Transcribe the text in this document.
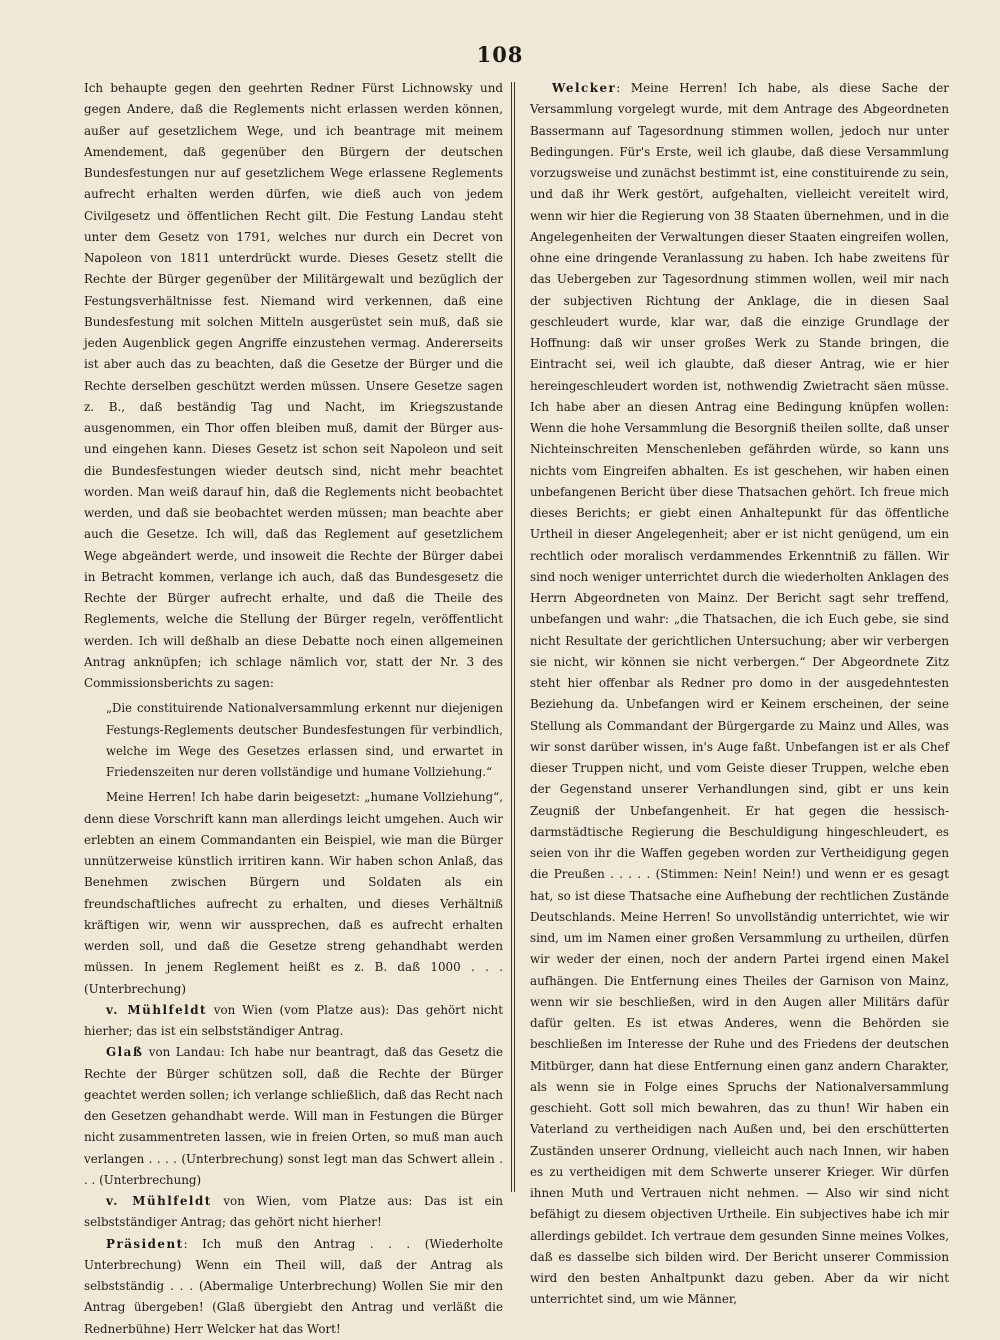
108

Ich behaupte gegen den geehrten Redner Fürst Lichnowsky und gegen Andere, daß die Reglements nicht erlassen werden können, außer auf gesetzlichem Wege, und ich beantrage mit meinem Amendement, daß gegenüber den Bürgern der deutschen Bundesfestungen nur auf gesetzlichem Wege erlassene Reglements aufrecht erhalten werden dürfen, wie dieß auch von jedem Civilgesetz und öffentlichen Recht gilt. Die Festung Landau steht unter dem Gesetz von 1791, welches nur durch ein Decret von Napoleon von 1811 unterdrückt wurde. Dieses Gesetz stellt die Rechte der Bürger gegenüber der Militärgewalt und bezüglich der Festungsverhältnisse fest. Niemand wird verkennen, daß eine Bundesfestung mit solchen Mitteln ausgerüstet sein muß, daß sie jeden Augenblick gegen Angriffe einzustehen vermag. Andererseits ist aber auch das zu beachten, daß die Gesetze der Bürger und die Rechte derselben geschützt werden müssen. Unsere Gesetze sagen z. B., daß beständig Tag und Nacht, im Kriegszustande ausgenommen, ein Thor offen bleiben muß, damit der Bürger aus- und eingehen kann. Dieses Gesetz ist schon seit Napoleon und seit die Bundesfestungen wieder deutsch sind, nicht mehr beachtet worden. Man weiß darauf hin, daß die Reglements nicht beobachtet werden, und daß sie beobachtet werden müssen; man beachte aber auch die Gesetze. Ich will, daß das Reglement auf gesetzlichem Wege abgeändert werde, und insoweit die Rechte der Bürger dabei in Betracht kommen, verlange ich auch, daß das Bundesgesetz die Rechte der Bürger aufrecht erhalte, und daß die Theile des Reglements, welche die Stellung der Bürger regeln, veröffentlicht werden. Ich will deßhalb an diese Debatte noch einen allgemeinen Antrag anknüpfen; ich schlage nämlich vor, statt der Nr. 3 des Commissionsberichts zu sagen:

„Die constituirende Nationalversammlung erkennt nur diejenigen Festungs-Reglements deutscher Bundesfestungen für verbindlich, welche im Wege des Gesetzes erlassen sind, und erwartet in Friedenszeiten nur deren vollständige und humane Vollziehung.“

Meine Herren! Ich habe darin beigesetzt: „humane Vollziehung“, denn diese Vorschrift kann man allerdings leicht umgehen. Auch wir erlebten an einem Commandanten ein Beispiel, wie man die Bürger unnützerweise künstlich irritiren kann. Wir haben schon Anlaß, das Benehmen zwischen Bürgern und Soldaten als ein freundschaftliches aufrecht zu erhalten, und dieses Verhältniß kräftigen wir, wenn wir aussprechen, daß es aufrecht erhalten werden soll, und daß die Gesetze streng gehandhabt werden müssen. In jenem Reglement heißt es z. B. daß 1000 . . . (Unterbrechung)

v. Mühlfeldt von Wien (vom Platze aus): Das gehört nicht hierher; das ist ein selbstständiger Antrag.

Glaß von Landau: Ich habe nur beantragt, daß das Gesetz die Rechte der Bürger schützen soll, daß die Rechte der Bürger geachtet werden sollen; ich verlange schließlich, daß das Recht nach den Gesetzen gehandhabt werde. Will man in Festungen die Bürger nicht zusammentreten lassen, wie in freien Orten, so muß man auch verlangen . . . . (Unterbrechung) sonst legt man das Schwert allein . . . (Unterbrechung)

v. Mühlfeldt von Wien, vom Platze aus: Das ist ein selbstständiger Antrag; das gehört nicht hierher!

Präsident: Ich muß den Antrag . . . (Wiederholte Unterbrechung) Wenn ein Theil will, daß der Antrag als selbstständig . . . (Abermalige Unterbrechung) Wollen Sie mir den Antrag übergeben! (Glaß übergiebt den Antrag und verläßt die Rednerbühne) Herr Welcker hat das Wort!

Welcker: Meine Herren! Ich habe, als diese Sache der Versammlung vorgelegt wurde, mit dem Antrage des Abgeordneten Bassermann auf Tagesordnung stimmen wollen, jedoch nur unter Bedingungen. Für's Erste, weil ich glaube, daß diese Versammlung vorzugsweise und zunächst bestimmt ist, eine constituirende zu sein, und daß ihr Werk gestört, aufgehalten, vielleicht vereitelt wird, wenn wir hier die Regierung von 38 Staaten übernehmen, und in die Angelegenheiten der Verwaltungen dieser Staaten eingreifen wollen, ohne eine dringende Veranlassung zu haben. Ich habe zweitens für das Uebergeben zur Tagesordnung stimmen wollen, weil mir nach der subjectiven Richtung der Anklage, die in diesen Saal geschleudert wurde, klar war, daß die einzige Grundlage der Hoffnung: daß wir unser großes Werk zu Stande bringen, die Eintracht sei, weil ich glaubte, daß dieser Antrag, wie er hier hereingeschleudert worden ist, nothwendig Zwietracht säen müsse. Ich habe aber an diesen Antrag eine Bedingung knüpfen wollen: Wenn die hohe Versammlung die Besorgniß theilen sollte, daß unser Nichteinschreiten Menschenleben gefährden würde, so kann uns nichts vom Eingreifen abhalten. Es ist geschehen, wir haben einen unbefangenen Bericht über diese Thatsachen gehört. Ich freue mich dieses Berichts; er giebt einen Anhaltepunkt für das öffentliche Urtheil in dieser Angelegenheit; aber er ist nicht genügend, um ein rechtlich oder moralisch verdammendes Erkenntniß zu fällen. Wir sind noch weniger unterrichtet durch die wiederholten Anklagen des Herrn Abgeordneten von Mainz. Der Bericht sagt sehr treffend, unbefangen und wahr: „die Thatsachen, die ich Euch gebe, sie sind nicht Resultate der gerichtlichen Untersuchung; aber wir verbergen sie nicht, wir können sie nicht verbergen.“ Der Abgeordnete Zitz steht hier offenbar als Redner pro domo in der ausgedehntesten Beziehung da. Unbefangen wird er Keinem erscheinen, der seine Stellung als Commandant der Bürgergarde zu Mainz und Alles, was wir sonst darüber wissen, in's Auge faßt. Unbefangen ist er als Chef dieser Truppen nicht, und vom Geiste dieser Truppen, welche eben der Gegenstand unserer Verhandlungen sind, gibt er uns kein Zeugniß der Unbefangenheit. Er hat gegen die hessisch-darmstädtische Regierung die Beschuldigung hingeschleudert, es seien von ihr die Waffen gegeben worden zur Vertheidigung gegen die Preußen . . . . . (Stimmen: Nein! Nein!) und wenn er es gesagt hat, so ist diese Thatsache eine Aufhebung der rechtlichen Zustände Deutschlands. Meine Herren! So unvollständig unterrichtet, wie wir sind, um im Namen einer großen Versammlung zu urtheilen, dürfen wir weder der einen, noch der andern Partei irgend einen Makel aufhängen. Die Entfernung eines Theiles der Garnison von Mainz, wenn wir sie beschließen, wird in den Augen aller Militärs dafür dafür gelten. Es ist etwas Anderes, wenn die Behörden sie beschließen im Interesse der Ruhe und des Friedens der deutschen Mitbürger, dann hat diese Entfernung einen ganz andern Charakter, als wenn sie in Folge eines Spruchs der Nationalversammlung geschieht. Gott soll mich bewahren, das zu thun! Wir haben ein Vaterland zu vertheidigen nach Außen und, bei den erschütterten Zuständen unserer Ordnung, vielleicht auch nach Innen, wir haben es zu vertheidigen mit dem Schwerte unserer Krieger. Wir dürfen ihnen Muth und Vertrauen nicht nehmen. — Also wir sind nicht befähigt zu diesem objectiven Urtheile. Ein subjectives habe ich mir allerdings gebildet. Ich vertraue dem gesunden Sinne meines Volkes, daß es dasselbe sich bilden wird. Der Bericht unserer Commission wird den besten Anhaltpunkt dazu geben. Aber da wir nicht unterrichtet sind, um wie Männer,
